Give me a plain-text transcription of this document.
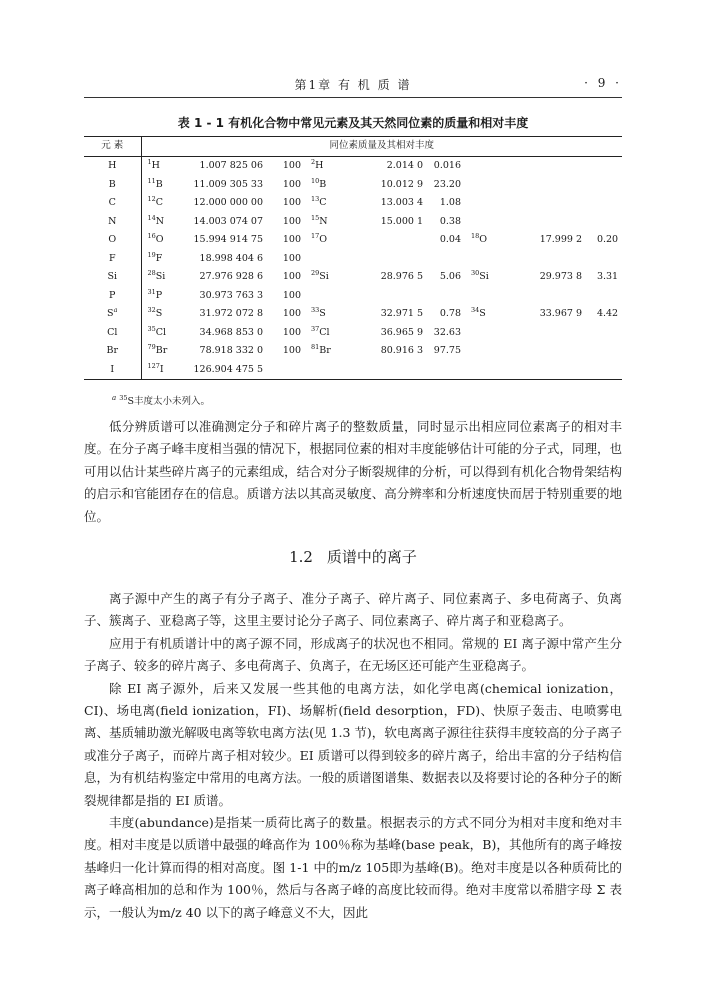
第1章 有 机 质 谱	· 9 ·
表 1 - 1 有机化合物中常见元素及其天然同位素的质量和相对丰度
元 素	同位素质量及其相对丰度								
H	$^1$H	1.007 825 06	100	$^2$H	2.014 0	0.016			
B	$^{11}$B	11.009 305 33	100	$^{10}$B	10.012 9	23.20			
C	$^{12}$C	12.000 000 00	100	$^{13}$C	13.003 4	1.08			
N	$^{14}$N	14.003 074 07	100	$^{15}$N	15.000 1	0.38			
O	$^{16}$O	15.994 914 75	100	$^{17}$O		0.04	$^{18}$O	17.999 2	0.20
F	$^{19}$F	18.998 404 6	100						
Si	$^{28}$Si	27.976 928 6	100	$^{29}$Si	28.976 5	5.06	$^{30}$Si	29.973 8	3.31
P	$^{31}$P	30.973 763 3	100						
$S^a$	$^{32}$S	31.972 072 8	100	$^{33}$S	32.971 5	0.78	$^{34}$S	33.967 9	4.42
Cl	$^{35}$Cl	34.968 853 0	100	$^{37}$Cl	36.965 9	32.63			
Br	$^{79}$Br	78.918 332 0	100	$^{81}$Br	80.916 3	97.75			
I	$^{127}$I	126.904 475 5							
$^a$ $^{35}$S丰度太小未列入。

低分辨质谱可以准确测定分子和碎片离子的整数质量，同时显示出相应同位素离子的相对丰度。在分子离子峰丰度相当强的情况下，根据同位素的相对丰度能够估计可能的分子式，同理，也可用以估计某些碎片离子的元素组成，结合对分子断裂规律的分析，可以得到有机化合物骨架结构的启示和官能团存在的信息。质谱方法以其高灵敏度、高分辨率和分析速度快而居于特别重要的地位。

1.2 质谱中的离子

离子源中产生的离子有分子离子、准分子离子、碎片离子、同位素离子、多电荷离子、负离子、簇离子、亚稳离子等，这里主要讨论分子离子、同位素离子、碎片离子和亚稳离子。

应用于有机质谱计中的离子源不同，形成离子的状况也不相同。常规的 EI 离子源中常产生分子离子、较多的碎片离子、多电荷离子、负离子，在无场区还可能产生亚稳离子。

除 EI 离子源外，后来又发展一些其他的电离方法，如化学电离(chemical ionization，CI)、场电离(field ionization，FI)、场解析(field desorption，FD)、快原子轰击、电喷雾电离、基质辅助激光解吸电离等软电离方法(见 1.3 节)，软电离离子源往往获得丰度较高的分子离子或准分子离子，而碎片离子相对较少。EI 质谱可以得到较多的碎片离子，给出丰富的分子结构信息，为有机结构鉴定中常用的电离方法。一般的质谱图谱集、数据表以及将要讨论的各种分子的断裂规律都是指的 EI 质谱。

丰度(abundance)是指某一质荷比离子的数量。根据表示的方式不同分为相对丰度和绝对丰度。相对丰度是以质谱中最强的峰高作为 100％称为基峰(base peak，B)，其他所有的离子峰按基峰归一化计算而得的相对高度。图 1-1 中的m/z 105即为基峰(B)。绝对丰度是以各种质荷比的离子峰高相加的总和作为 100％，然后与各离子峰的高度比较而得。绝对丰度常以希腊字母 Σ 表示，一般认为m/z 40 以下的离子峰意义不大，因此
